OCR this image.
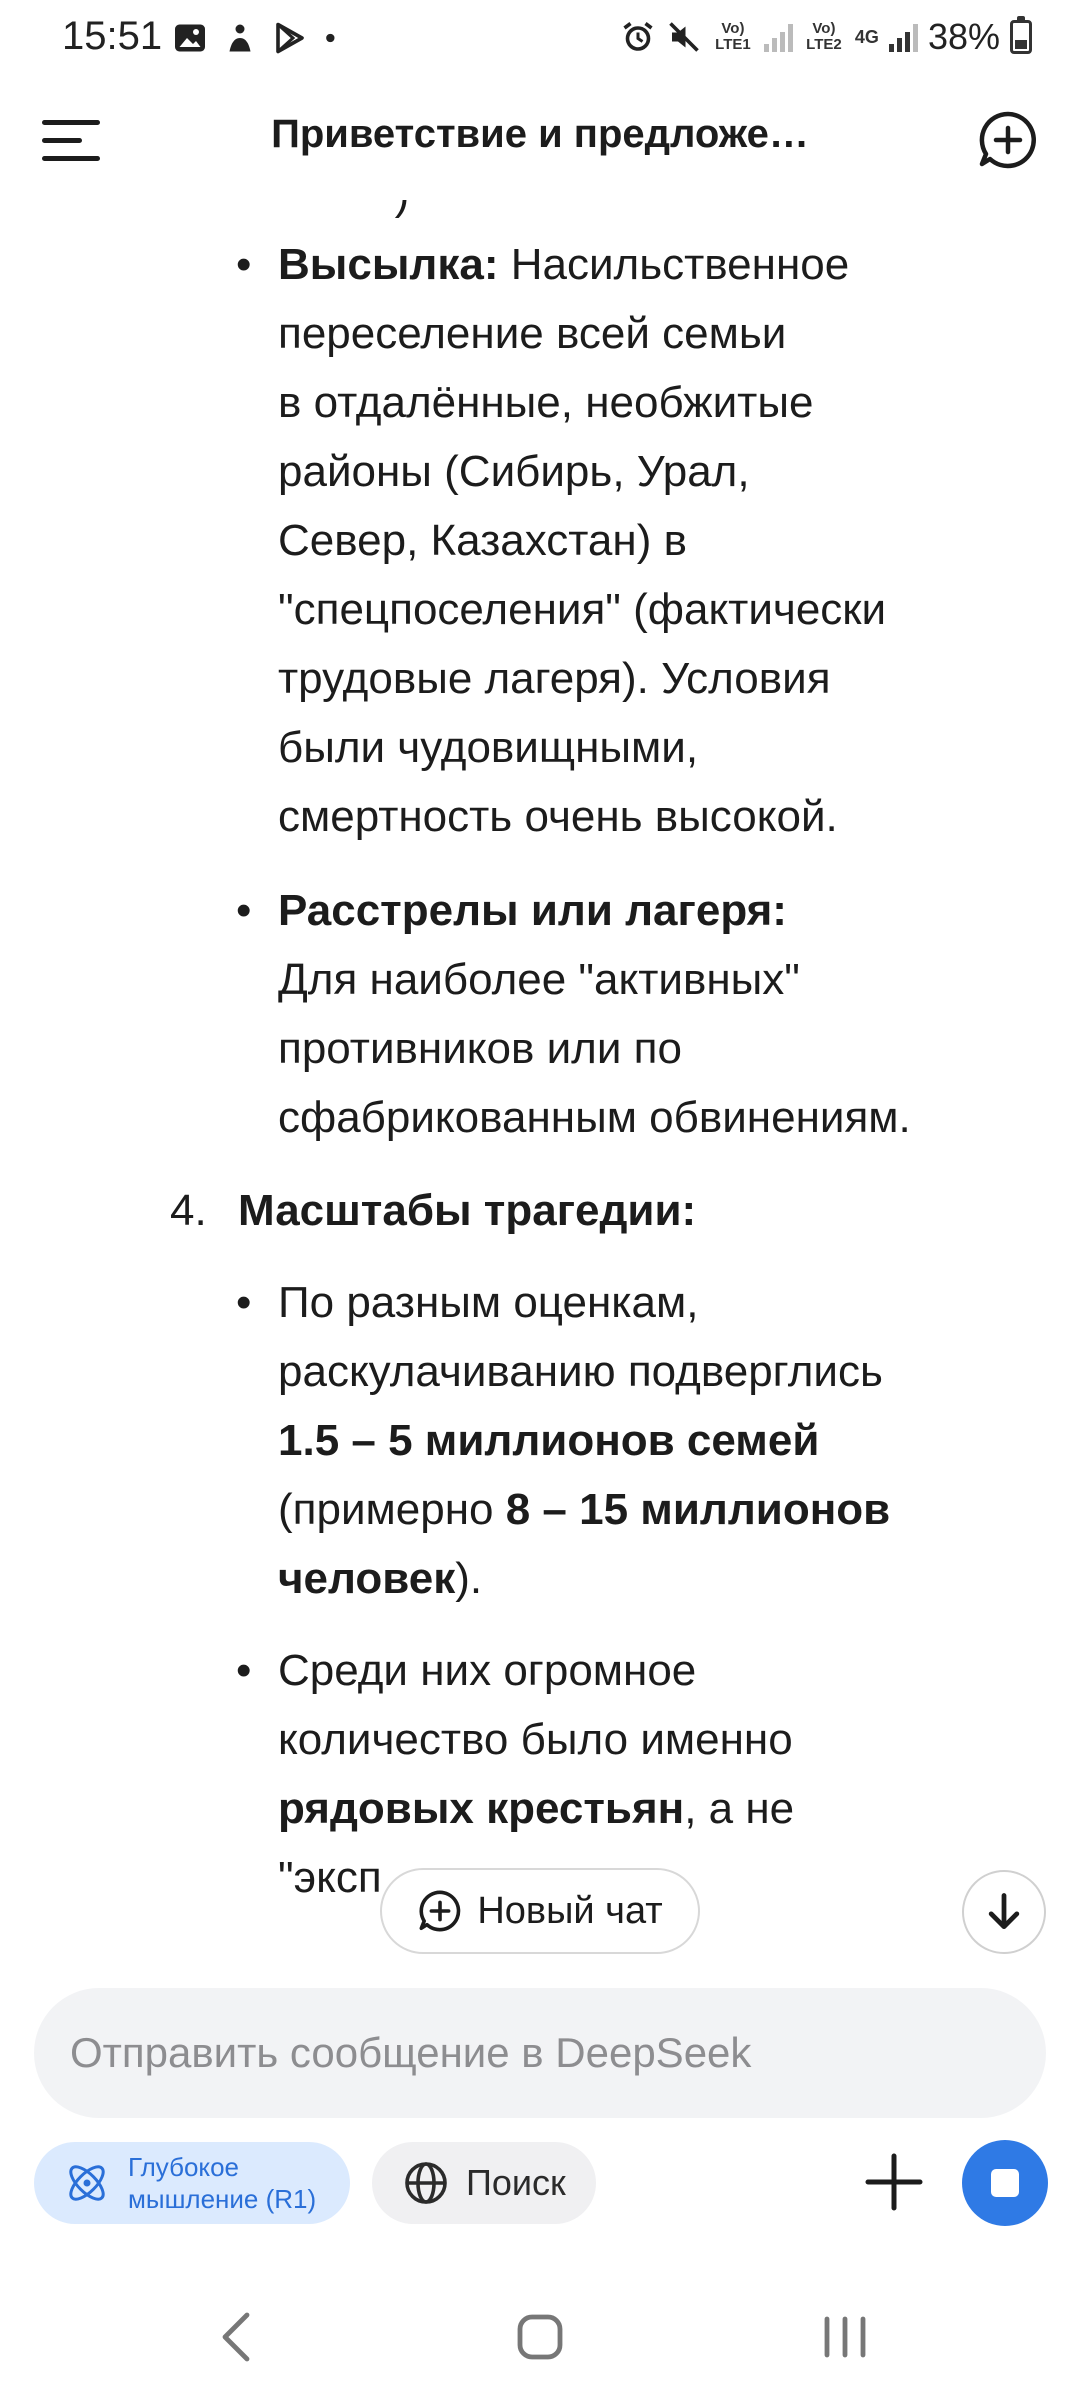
15:51	Vo) LTE1
Vo) LTE2 4G 38%
Приветствие и предложе…
• Высылка: Насильственное
переселение всей семьи
в отдалённые, необжитые
районы (Сибирь, Урал,
Север, Казахстан) в
"спецпоселения" (фактически
трудовые лагеря). Условия
были чудовищными,
смертность очень высокой.
• Расстрелы или лагеря:
Для наиболее "активных"
противников или по
сфабрикованным обвинениям.
4. Масштабы трагедии:
• По разным оценкам,
раскулачиванию подверглись
1.5 – 5 миллионов семей
(примерно 8 – 15 миллионов
человек).
• Среди них огромное
количество было именно
рядовых крестьян, а не
"эксп
Новый чат
Отправить сообщение в DeepSeek
Глубокое
мышление (R1)	Поиск
